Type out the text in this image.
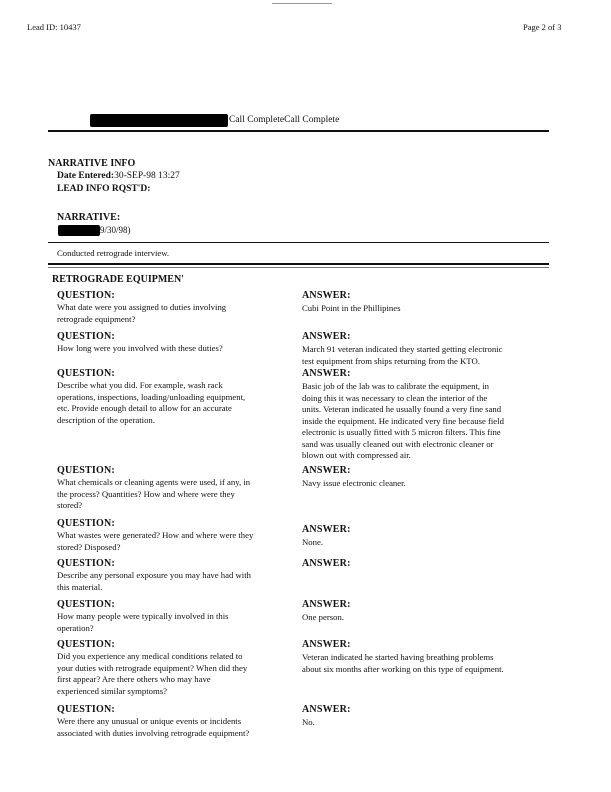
Lead ID: 10437	Page 2 of 3
Call CompleteCall Complete
NARRATIVE INFO
Date Entered:30-SEP-98 13:27
LEAD INFO RQST'D:
NARRATIVE:
9/30/98)
Conducted retrograde interview.
RETROGRADE EQUIPMEN'
QUESTION:
What date were you assigned to duties involving
retrograde equipment?
ANSWER:
Cubi Point in the Phillipines
QUESTION:
How long were you involved with these duties?
ANSWER:
March 91 veteran indicated they started getting electronic
test equipment from ships returning from the KTO.
QUESTION:
Describe what you did. For example, wash rack
operations, inspections, loading/unloading equipment,
etc. Provide enough detail to allow for an accurate
description of the operation.
ANSWER:
Basic job of the lab was to calibrate the equipment, in
doing this it was necessary to clean the interior of the
units. Veteran indicated he usually found a very fine sand
inside the equipment. He indicated very fine because field
electronic is usually fitted with 5 micron filters. This fine
sand was usually cleaned out with electronic cleaner or
blown out with compressed air.
QUESTION:
What chemicals or cleaning agents were used, if any, in
the process? Quantities? How and where were they
stored?
ANSWER:
Navy issue electronic cleaner.
QUESTION:
What wastes were generated? How and where were they
stored? Disposed?
ANSWER:
None.
QUESTION:
Describe any personal exposure you may have had with
this material.
ANSWER:
QUESTION:
How many people were typically involved in this
operation?
ANSWER:
One person.
QUESTION:
Did you experience any medical conditions related to
your duties with retrograde equipment? When did they
first appear? Are there others who may have
experienced similar symptoms?
ANSWER:
Veteran indicated he started having breathing problems
about six months after working on this type of equipment.
QUESTION:
Were there any unusual or unique events or incidents
associated with duties involving retrograde equipment?
ANSWER:
No.
